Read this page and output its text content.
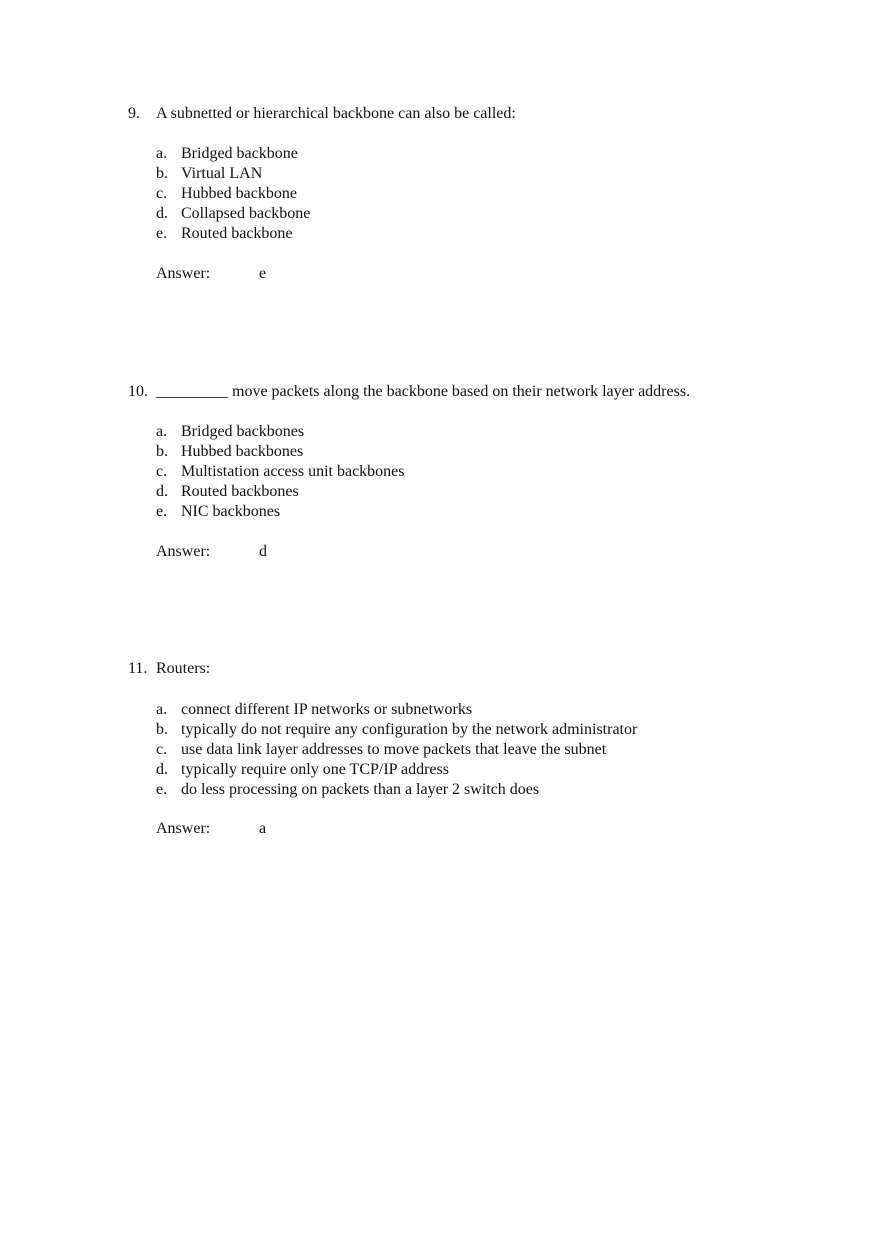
9. A subnetted or hierarchical backbone can also be called:
a. Bridged backbone
b. Virtual LAN
c. Hubbed backbone
d. Collapsed backbone
e. Routed backbone
Answer:	e
10. _________ move packets along the backbone based on their network layer address.
a. Bridged backbones
b. Hubbed backbones
c. Multistation access unit backbones
d. Routed backbones
e. NIC backbones
Answer:	d
11. Routers:
a. connect different IP networks or subnetworks
b. typically do not require any configuration by the network administrator
c. use data link layer addresses to move packets that leave the subnet
d. typically require only one TCP/IP address
e. do less processing on packets than a layer 2 switch does
Answer:	a
